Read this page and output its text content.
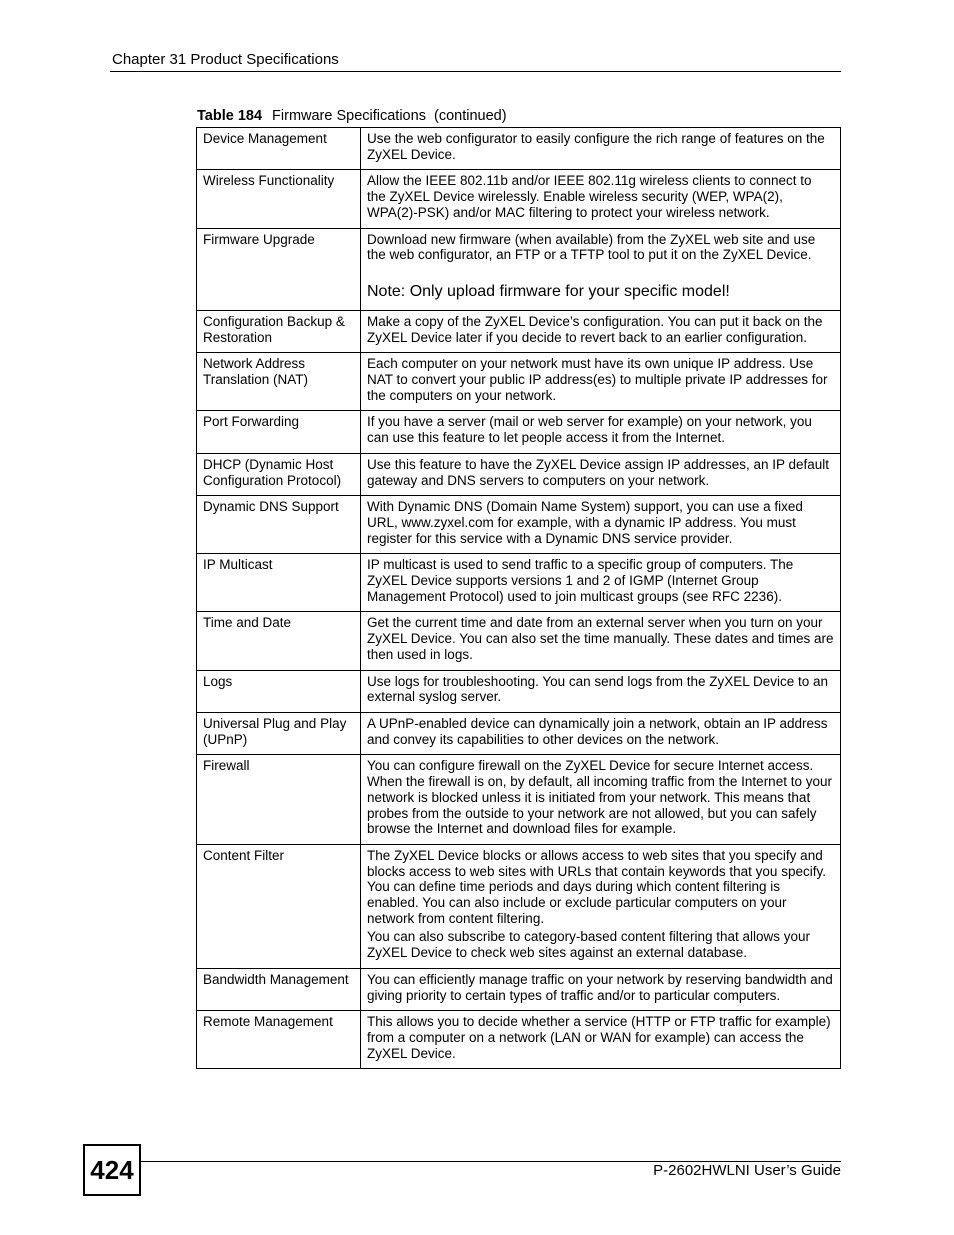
Chapter 31 Product Specifications
Table 184 Firmware Specifications (continued)
Device Management	Use the web configurator to easily configure the rich range of features on the ZyXEL Device.

Wireless Functionality	Allow the IEEE 802.11b and/or IEEE 802.11g wireless clients to connect to the ZyXEL Device wirelessly. Enable wireless security (WEP, WPA(2), WPA(2)-PSK) and/or MAC filtering to protect your wireless network.

Firmware Upgrade	Download new firmware (when available) from the ZyXEL web site and use the web configurator, an FTP or a TFTP tool to put it on the ZyXEL Device.

Note: Only upload firmware for your specific model!

Configuration Backup & Restoration	Make a copy of the ZyXEL Device’s configuration. You can put it back on the ZyXEL Device later if you decide to revert back to an earlier configuration.

Network Address Translation (NAT)	Each computer on your network must have its own unique IP address. Use NAT to convert your public IP address(es) to multiple private IP addresses for the computers on your network.

Port Forwarding	If you have a server (mail or web server for example) on your network, you can use this feature to let people access it from the Internet.

DHCP (Dynamic Host Configuration Protocol)	Use this feature to have the ZyXEL Device assign IP addresses, an IP default gateway and DNS servers to computers on your network.

Dynamic DNS Support	With Dynamic DNS (Domain Name System) support, you can use a fixed URL, www.zyxel.com for example, with a dynamic IP address. You must register for this service with a Dynamic DNS service provider.

IP Multicast	IP multicast is used to send traffic to a specific group of computers. The ZyXEL Device supports versions 1 and 2 of IGMP (Internet Group Management Protocol) used to join multicast groups (see RFC 2236).

Time and Date	Get the current time and date from an external server when you turn on your ZyXEL Device. You can also set the time manually. These dates and times are then used in logs.

Logs	Use logs for troubleshooting. You can send logs from the ZyXEL Device to an external syslog server.

Universal Plug and Play (UPnP)	A UPnP-enabled device can dynamically join a network, obtain an IP address and convey its capabilities to other devices on the network.

Firewall	You can configure firewall on the ZyXEL Device for secure Internet access. When the firewall is on, by default, all incoming traffic from the Internet to your network is blocked unless it is initiated from your network. This means that probes from the outside to your network are not allowed, but you can safely browse the Internet and download files for example.

Content Filter	The ZyXEL Device blocks or allows access to web sites that you specify and blocks access to web sites with URLs that contain keywords that you specify. You can define time periods and days during which content filtering is enabled. You can also include or exclude particular computers on your network from content filtering.

You can also subscribe to category-based content filtering that allows your ZyXEL Device to check web sites against an external database.

Bandwidth Management	You can efficiently manage traffic on your network by reserving bandwidth and giving priority to certain types of traffic and/or to particular computers.

Remote Management	This allows you to decide whether a service (HTTP or FTP traffic for example) from a computer on a network (LAN or WAN for example) can access the ZyXEL Device.

424	P-2602HWLNI User’s Guide
